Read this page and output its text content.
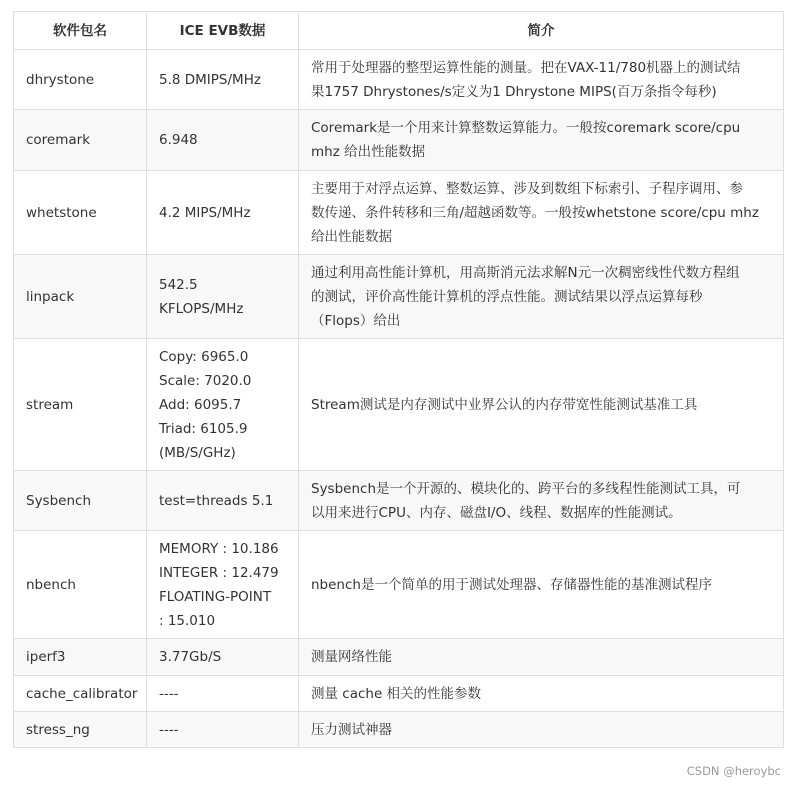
软件包名	ICE EVB数据	简介
dhrystone	5.8 DMIPS/MHz	常用于处理器的整型运算性能的测量。把在VAX-11/780机器上的测试结
果1757 Dhrystones/s定义为1 Dhrystone MIPS(百万条指令每秒)

coremark	6.948	Coremark是一个用来计算整数运算能力。一般按coremark score/cpu
mhz 给出性能数据

whetstone	4.2 MIPS/MHz	主要用于对浮点运算、整数运算、涉及到数组下标索引、子程序调用、参
数传递、条件转移和三角/超越函数等。一般按whetstone score/cpu mhz
给出性能数据

linpack	542.5
KFLOPS/MHz	通过利用高性能计算机，用高斯消元法求解N元一次稠密线性代数方程组
的测试，评价高性能计算机的浮点性能。测试结果以浮点运算每秒
（Flops）给出

stream	Copy: 6965.0
Scale: 7020.0
Add: 6095.7
Triad: 6105.9
(MB/S/GHz)	Stream测试是内存测试中业界公认的内存带宽性能测试基准工具

Sysbench	test=threads 5.1	Sysbench是一个开源的、模块化的、跨平台的多线程性能测试工具，可
以用来进行CPU、内存、磁盘I/O、线程、数据库的性能测试。

nbench	MEMORY : 10.186
INTEGER : 12.479
FLOATING-POINT
: 15.010	nbench是一个简单的用于测试处理器、存储器性能的基准测试程序

iperf3	3.77Gb/S	测量网络性能

cache_calibrator	----	测量 cache 相关的性能参数

stress_ng	----	压力测试神器
CSDN @heroybc
